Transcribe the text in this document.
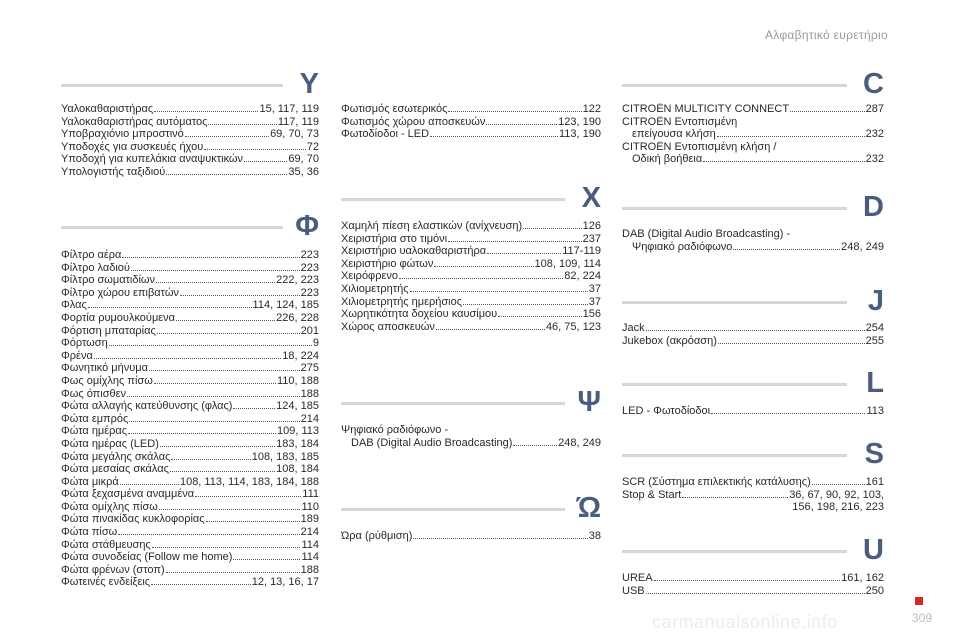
Αλφαβητικό ευρετήριο
Y
Υαλοκαθαριστήρας	15, 117, 119
Υαλοκαθαριστήρας αυτόματος	117, 119
Υποβραχιόνιο μπροστινό	69, 70, 73
Υποδοχές για συσκευές ήχου	72
Υποδοχή για κυπελάκια αναψυκτικών	69, 70
Υπολογιστής ταξιδιού	35, 36
Φ
Φίλτρο αέρα	223
Φίλτρο λαδιού	223
Φίλτρο σωματιδίων	222, 223
Φίλτρο χώρου επιβατών	223
Φλας	114, 124, 185
Φορτία ρυμουλκούμενα	226, 228
Φόρτιση μπαταρίας	201
Φόρτωση	9
Φρένα	18, 224
Φωνητικό μήνυμα	275
Φως ομίχλης πίσω	110, 188
Φως όπισθεν	188
Φώτα αλλαγής κατεύθυνσης (φλας)	124, 185
Φώτα εμπρός	214
Φώτα ημέρας	109, 113
Φώτα ημέρας (LED)	183, 184
Φώτα μεγάλης σκάλας	108, 183, 185
Φώτα μεσαίας σκάλας	108, 184
Φώτα μικρά	108, 113, 114, 183, 184, 188
Φώτα ξεχασμένα αναμμένα	111
Φώτα ομίχλης πίσω	110
Φώτα πινακίδας κυκλοφορίας	189
Φώτα πίσω	214
Φώτα στάθμευσης	114
Φώτα συνοδείας (Follow me home)	114
Φώτα φρένων (στοπ)	188
Φωτεινές ενδείξεις	12, 13, 16, 17
Φωτισμός εσωτερικός	122
Φωτισμός χώρου αποσκευών	123, 190
Φωτοδίοδοι - LED	113, 190
X
Χαμηλή πίεση ελαστικών (ανίχνευση)	126
Χειριστήρια στο τιμόνι	237
Χειριστήριο υαλοκαθαριστήρα	117-119
Χειριστήριο φώτων	108, 109, 114
Χειρόφρενο	82, 224
Χιλιομετρητής	37
Χιλιομετρητής ημερήσιος	37
Χωρητικότητα δοχείου καυσίμου	156
Χώρος αποσκευών	46, 75, 123
Ψ
Ψηφιακό ραδιόφωνο -
DAB (Digital Audio Broadcasting)	248, 249
Ώ
Ώρα (ρύθμιση)	38
C
CITROËN MULTICITY CONNECT	287
CITROËN Εντοπισμένη
επείγουσα κλήση	232
CITROËN Εντοπισμένη κλήση /
Οδική βοήθεια	232
D
DAB (Digital Audio Broadcasting) -
Ψηφιακό ραδιόφωνο	248, 249
J
Jack	254
Jukebox (ακρόαση)	255
L
LED - Φωτοδίοδοι	113
S
SCR (Σύστημα επιλεκτικής κατάλυσης)	161
Stop & Start	36, 67, 90, 92, 103,
156, 198, 216, 223
U
UREA	161, 162
USB	250
carmanualsonline.info	309
